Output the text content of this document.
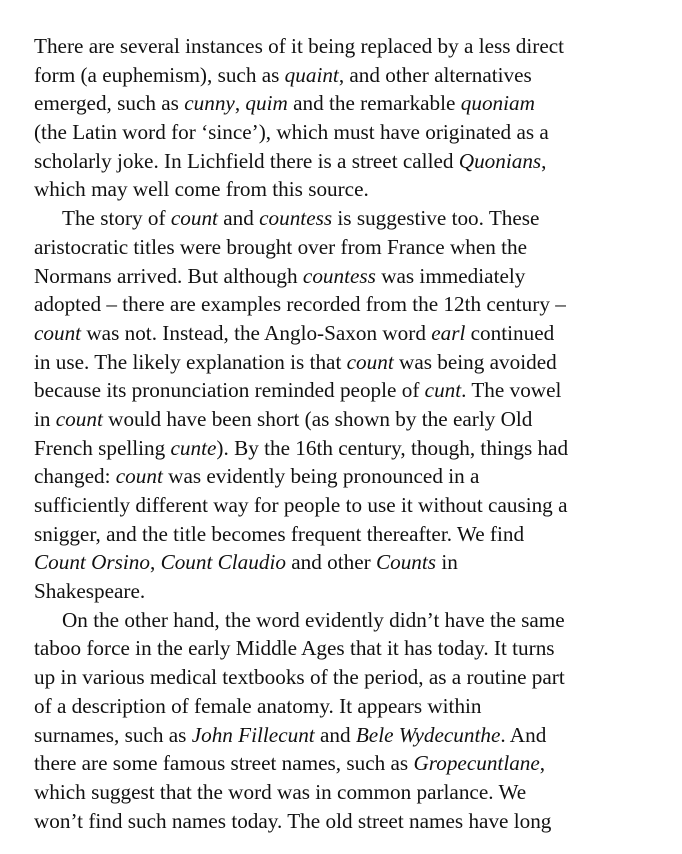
There are several instances of it being replaced by a less direct
form (a euphemism), such as quaint, and other alternatives
emerged, such as cunny, quim and the remarkable quoniam
(the Latin word for ‘since’), which must have originated as a
scholarly joke. In Lichfield there is a street called Quonians,
which may well come from this source.
The story of count and countess is suggestive too. These
aristocratic titles were brought over from France when the
Normans arrived. But although countess was immediately
adopted – there are examples recorded from the 12th century –
count was not. Instead, the Anglo-Saxon word earl continued
in use. The likely explanation is that count was being avoided
because its pronunciation reminded people of cunt. The vowel
in count would have been short (as shown by the early Old
French spelling cunte). By the 16th century, though, things had
changed: count was evidently being pronounced in a
sufficiently different way for people to use it without causing a
snigger, and the title becomes frequent thereafter. We find
Count Orsino, Count Claudio and other Counts in
Shakespeare.
On the other hand, the word evidently didn’t have the same
taboo force in the early Middle Ages that it has today. It turns
up in various medical textbooks of the period, as a routine part
of a description of female anatomy. It appears within
surnames, such as John Fillecunt and Bele Wydecunthe. And
there are some famous street names, such as Gropecuntlane,
which suggest that the word was in common parlance. We
won’t find such names today. The old street names have long
